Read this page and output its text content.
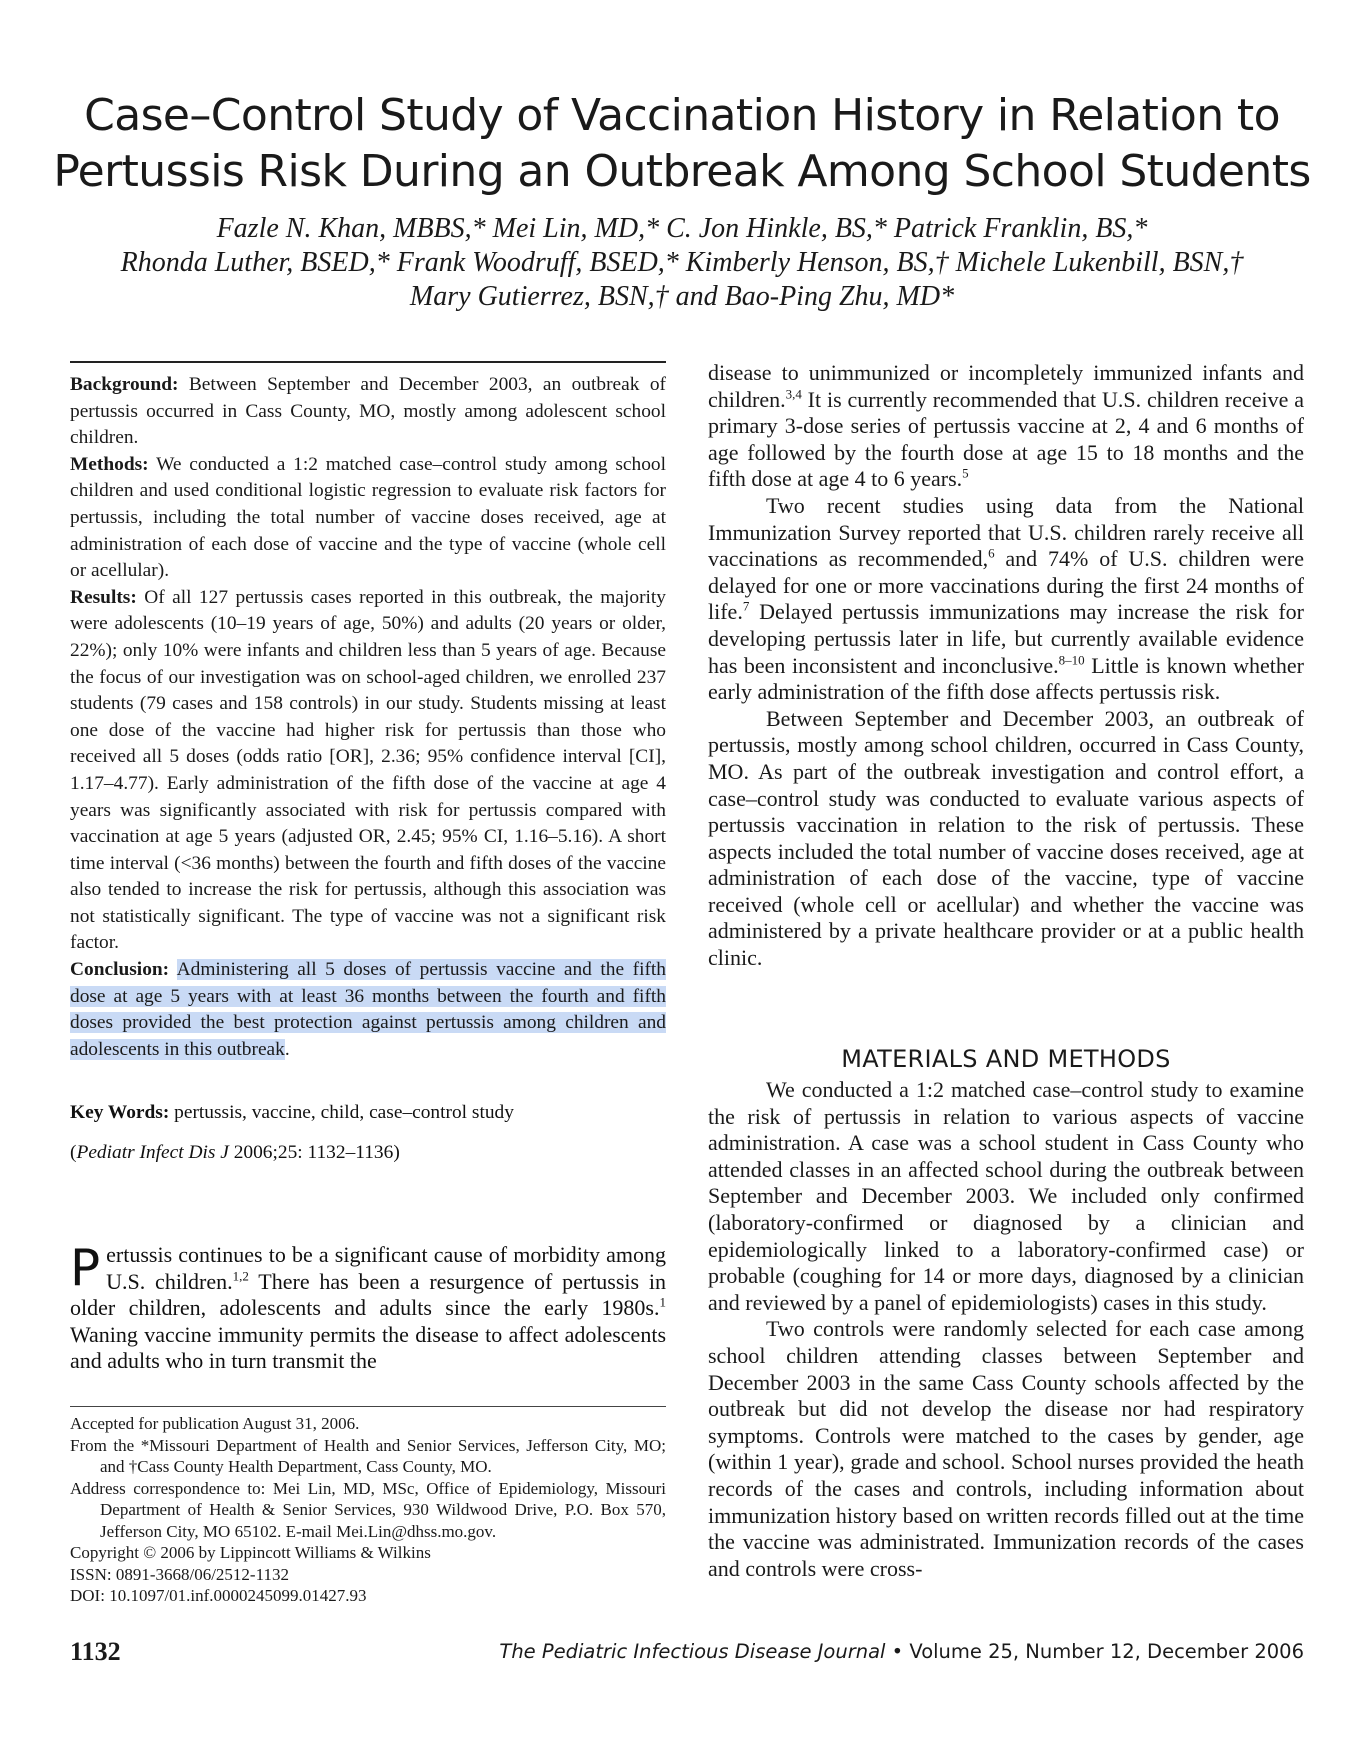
Case–Control Study of Vaccination History in Relation to
Pertussis Risk During an Outbreak Among School Students
Fazle N. Khan, MBBS,* Mei Lin, MD,* C. Jon Hinkle, BS,* Patrick Franklin, BS,*
Rhonda Luther, BSED,* Frank Woodruff, BSED,* Kimberly Henson, BS,† Michele Lukenbill, BSN,†
Mary Gutierrez, BSN,† and Bao-Ping Zhu, MD*

Background: Between September and December 2003, an outbreak of pertussis occurred in Cass County, MO, mostly among adolescent school children.

Methods: We conducted a 1:2 matched case–control study among school children and used conditional logistic regression to evaluate risk factors for pertussis, including the total number of vaccine doses received, age at administration of each dose of vaccine and the type of vaccine (whole cell or acellular).

Results: Of all 127 pertussis cases reported in this outbreak, the majority were adolescents (10–19 years of age, 50%) and adults (20 years or older, 22%); only 10% were infants and children less than 5 years of age. Because the focus of our investigation was on school-aged children, we enrolled 237 students (79 cases and 158 controls) in our study. Students missing at least one dose of the vaccine had higher risk for pertussis than those who received all 5 doses (odds ratio [OR], 2.36; 95% confidence interval [CI], 1.17–4.77). Early administration of the fifth dose of the vaccine at age 4 years was significantly associated with risk for pertussis compared with vaccination at age 5 years (adjusted OR, 2.45; 95% CI, 1.16–5.16). A short time interval (<36 months) between the fourth and fifth doses of the vaccine also tended to increase the risk for pertussis, although this association was not statistically significant. The type of vaccine was not a significant risk factor.

Conclusion: Administering all 5 doses of pertussis vaccine and the fifth dose at age 5 years with at least 36 months between the fourth and fifth doses provided the best protection against pertussis among children and adolescents in this outbreak.

Key Words: pertussis, vaccine, child, case–control study
(Pediatr Infect Dis J 2006;25: 1132–1136)

Pertussis continues to be a significant cause of morbidity among U.S. children.$^{1,2}$ There has been a resurgence of pertussis in older children, adolescents and adults since the early 1980s.$^1$ Waning vaccine immunity permits the disease to affect adolescents and adults who in turn transmit the

Accepted for publication August 31, 2006.
From the *Missouri Department of Health and Senior Services, Jefferson City, MO; and †Cass County Health Department, Cass County, MO.
Address correspondence to: Mei Lin, MD, MSc, Office of Epidemiology, Missouri Department of Health & Senior Services, 930 Wildwood Drive, P.O. Box 570, Jefferson City, MO 65102. E-mail Mei.Lin@dhss.mo.gov.
Copyright © 2006 by Lippincott Williams & Wilkins
ISSN: 0891-3668/06/2512-1132
DOI: 10.1097/01.inf.0000245099.01427.93

disease to unimmunized or incompletely immunized infants and children.$^{3,4}$ It is currently recommended that U.S. children receive a primary 3-dose series of pertussis vaccine at 2, 4 and 6 months of age followed by the fourth dose at age 15 to 18 months and the fifth dose at age 4 to 6 years.$^5$

Two recent studies using data from the National Immunization Survey reported that U.S. children rarely receive all vaccinations as recommended,$^6$ and 74% of U.S. children were delayed for one or more vaccinations during the first 24 months of life.$^7$ Delayed pertussis immunizations may increase the risk for developing pertussis later in life, but currently available evidence has been inconsistent and inconclusive.$^{8-10}$ Little is known whether early administration of the fifth dose affects pertussis risk.

Between September and December 2003, an outbreak of pertussis, mostly among school children, occurred in Cass County, MO. As part of the outbreak investigation and control effort, a case–control study was conducted to evaluate various aspects of pertussis vaccination in relation to the risk of pertussis. These aspects included the total number of vaccine doses received, age at administration of each dose of the vaccine, type of vaccine received (whole cell or acellular) and whether the vaccine was administered by a private healthcare provider or at a public health clinic.

MATERIALS AND METHODS

We conducted a 1:2 matched case–control study to examine the risk of pertussis in relation to various aspects of vaccine administration. A case was a school student in Cass County who attended classes in an affected school during the outbreak between September and December 2003. We included only confirmed (laboratory-confirmed or diagnosed by a clinician and epidemiologically linked to a laboratory-confirmed case) or probable (coughing for 14 or more days, diagnosed by a clinician and reviewed by a panel of epidemiologists) cases in this study.

Two controls were randomly selected for each case among school children attending classes between September and December 2003 in the same Cass County schools affected by the outbreak but did not develop the disease nor had respiratory symptoms. Controls were matched to the cases by gender, age (within 1 year), grade and school. School nurses provided the heath records of the cases and controls, including information about immunization history based on written records filled out at the time the vaccine was administrated. Immunization records of the cases and controls were cross-

1132	The Pediatric Infectious Disease Journal • Volume 25, Number 12, December 2006
